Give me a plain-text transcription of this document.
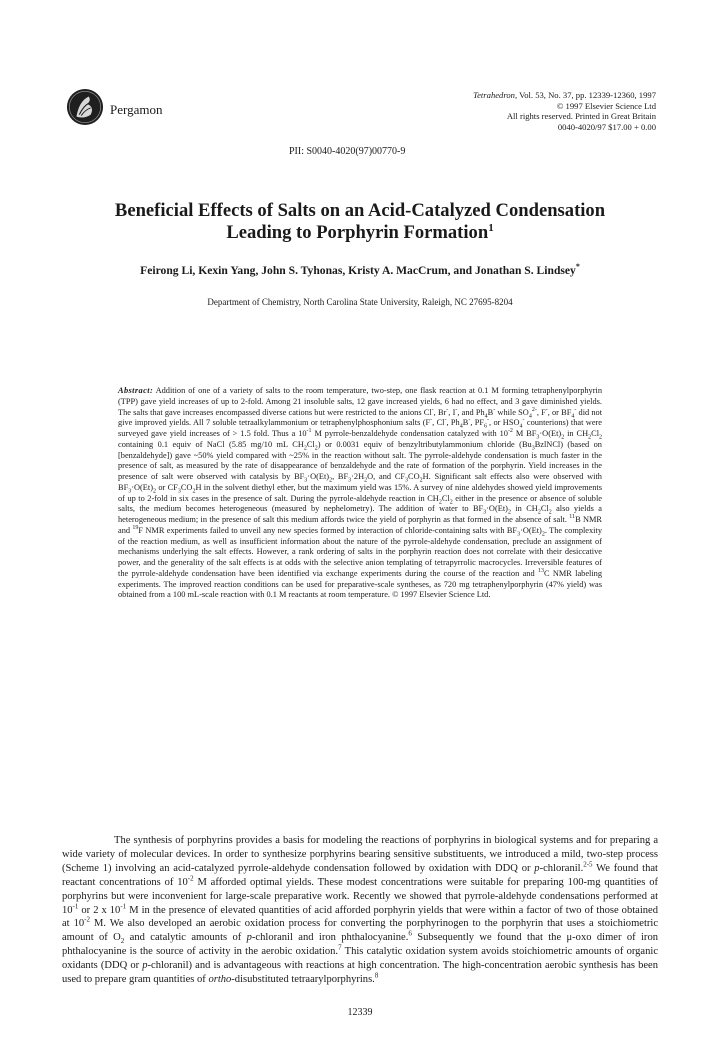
Pergamon
Tetrahedron, Vol. 53, No. 37, pp. 12339-12360, 1997
© 1997 Elsevier Science Ltd
All rights reserved. Printed in Great Britain
0040-4020/97 $17.00 + 0.00
PII: S0040-4020(97)00770-9
Beneficial Effects of Salts on an Acid-Catalyzed Condensation
Leading to Porphyrin Formation$^1$
Feirong Li, Kexin Yang, John S. Tyhonas, Kristy A. MacCrum, and Jonathan S. Lindsey*
Department of Chemistry, North Carolina State University, Raleigh, NC 27695-8204

Abstract: Addition of one of a variety of salts to the room temperature, two-step, one flask reaction at 0.1 M forming tetraphenylporphyrin (TPP) gave yield increases of up to 2-fold. Among 21 insoluble salts, 12 gave increased yields, 6 had no effect, and 3 gave diminished yields. The salts that gave increases encompassed diverse cations but were restricted to the anions Cl-, Br-, I-, and $Ph_4B^-$ while $SO_4^{2-}$, F-, or $BF_4^-$ did not give improved yields. All 7 soluble tetraalkylammonium or tetraphenylphosphonium salts (F-, Cl-, $Ph_4B^-$, $PF_6^-$, or $HSO_4^-$ counterions) that were surveyed gave yield increases of > 1.5 fold. Thus a $10^{-1}$ M pyrrole-benzaldehyde condensation catalyzed with $10^{-2}$ M $BF_3\cdot O(Et)_2$ in $CH_2Cl_2$ containing 0.1 equiv of NaCl (5.85 mg/10 mL $CH_2Cl_2$) or 0.0031 equiv of benzyltributylammonium chloride $(Bu_3BzlNCl)$ (based on [benzaldehyde]) gave ~50% yield compared with ~25% in the reaction without salt. The pyrrole-aldehyde condensation is much faster in the presence of salt, as measured by the rate of disappearance of benzaldehyde and the rate of formation of the porphyrin. Yield increases in the presence of salt were observed with catalysis by $BF_3\cdot O(Et)_2$, $BF_3\cdot 2H_2O$, and $CF_3CO_2H$. Significant salt effects also were observed with $BF_3\cdot O(Et)_2$ or $CF_3CO_2H$ in the solvent diethyl ether, but the maximum yield was 15%. A survey of nine aldehydes showed yield improvements of up to 2-fold in six cases in the presence of salt. During the pyrrole-aldehyde reaction in $CH_2Cl_2$ either in the presence or absence of soluble salts, the medium becomes heterogeneous (measured by nephelometry). The addition of water to $BF_3\cdot O(Et)_2$ in $CH_2Cl_2$ also yields a heterogeneous medium; in the presence of salt this medium affords twice the yield of porphyrin as that formed in the absence of salt. $^{11}$B NMR and $^{19}$F NMR experiments failed to unveil any new species formed by interaction of chloride-containing salts with $BF_3\cdot O(Et)_2$. The complexity of the reaction medium, as well as insufficient information about the nature of the pyrrole-aldehyde condensation, preclude an assignment of mechanisms underlying the salt effects. However, a rank ordering of salts in the porphyrin reaction does not correlate with their desiccative power, and the generality of the salt effects is at odds with the selective anion templating of tetrapyrrolic macrocycles. Irreversible features of the pyrrole-aldehyde condensation have been identified via exchange experiments during the course of the reaction and $^{13}$C NMR labeling experiments. The improved reaction conditions can be used for preparative-scale syntheses, as 720 mg tetraphenylporphyrin (47% yield) was obtained from a 100 mL-scale reaction with 0.1 M reactants at room temperature. © 1997 Elsevier Science Ltd.

The synthesis of porphyrins provides a basis for modeling the reactions of porphyrins in biological systems and for preparing a wide variety of molecular devices. In order to synthesize porphyrins bearing sensitive substituents, we introduced a mild, two-step process (Scheme 1) involving an acid-catalyzed pyrrole-aldehyde condensation followed by oxidation with DDQ or p-chloranil.$^{2-5}$ We found that reactant concentrations of $10^{-2}$ M afforded optimal yields. These modest concentrations were suitable for preparing 100-mg quantities of porphyrins but were inconvenient for large-scale preparative work. Recently we showed that pyrrole-aldehyde condensations performed at $10^{-1}$ or 2 x $10^{-1}$ M in the presence of elevated quantities of acid afforded porphyrin yields that were within a factor of two of those obtained at $10^{-2}$ M. We also developed an aerobic oxidation process for converting the porphyrinogen to the porphyrin that uses a stoichiometric amount of $O_2$ and catalytic amounts of p-chloranil and iron phthalocyanine.$^6$ Subsequently we found that the μ-oxo dimer of iron phthalocyanine is the source of activity in the aerobic oxidation.$^7$ This catalytic oxidation system avoids stoichiometric amounts of organic oxidants (DDQ or p-chloranil) and is advantageous with reactions at high concentration. The high-concentration aerobic synthesis has been used to prepare gram quantities of ortho-disubstituted tetraarylporphyrins.$^8$

12339
